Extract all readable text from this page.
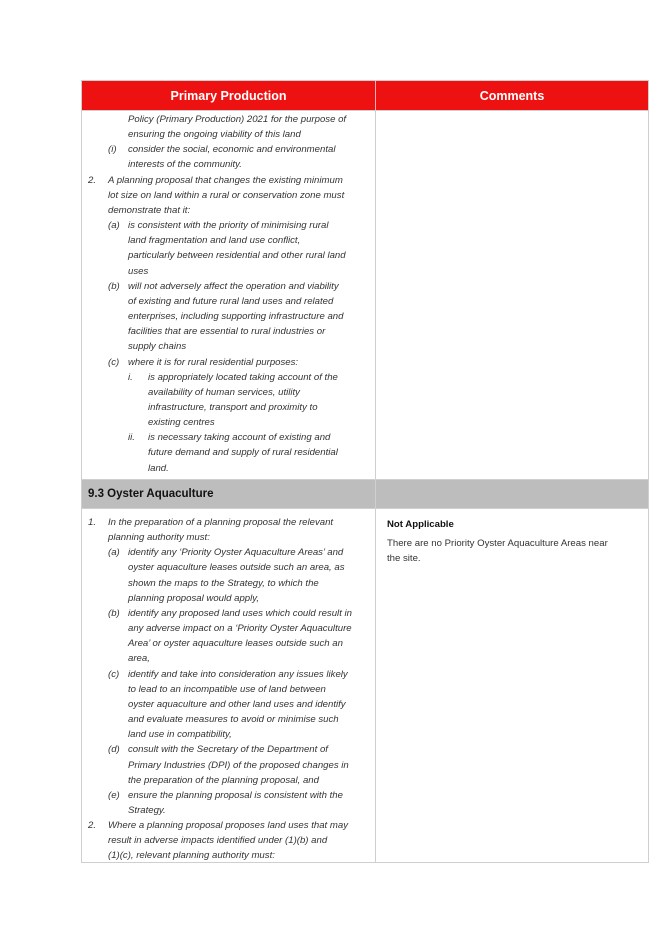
Primary Production	Comments
Policy (Primary Production) 2021 for the purpose of
ensuring the ongoing viability of this land
(i) consider the social, economic and environmental
interests of the community.
2. A planning proposal that changes the existing minimum
lot size on land within a rural or conservation zone must
demonstrate that it:
(a) is consistent with the priority of minimising rural
land fragmentation and land use conflict,
particularly between residential and other rural land
uses
(b) will not adversely affect the operation and viability
of existing and future rural land uses and related
enterprises, including supporting infrastructure and
facilities that are essential to rural industries or
supply chains
(c) where it is for rural residential purposes:
i. is appropriately located taking account of the
availability of human services, utility
infrastructure, transport and proximity to
existing centres
ii. is necessary taking account of existing and
future demand and supply of rural residential
land.
9.3 Oyster Aquaculture
1. In the preparation of a planning proposal the relevant
planning authority must:
(a) identify any ‘Priority Oyster Aquaculture Areas’ and
oyster aquaculture leases outside such an area, as
shown the maps to the Strategy, to which the
planning proposal would apply,
(b) identify any proposed land uses which could result in
any adverse impact on a ‘Priority Oyster Aquaculture
Area’ or oyster aquaculture leases outside such an
area,
(c) identify and take into consideration any issues likely
to lead to an incompatible use of land between
oyster aquaculture and other land uses and identify
and evaluate measures to avoid or minimise such
land use in compatibility,
(d) consult with the Secretary of the Department of
Primary Industries (DPI) of the proposed changes in
the preparation of the planning proposal, and
(e) ensure the planning proposal is consistent with the
Strategy.
2. Where a planning proposal proposes land uses that may
result in adverse impacts identified under (1)(b) and
(1)(c), relevant planning authority must:
Not Applicable
There are no Priority Oyster Aquaculture Areas near
the site.
